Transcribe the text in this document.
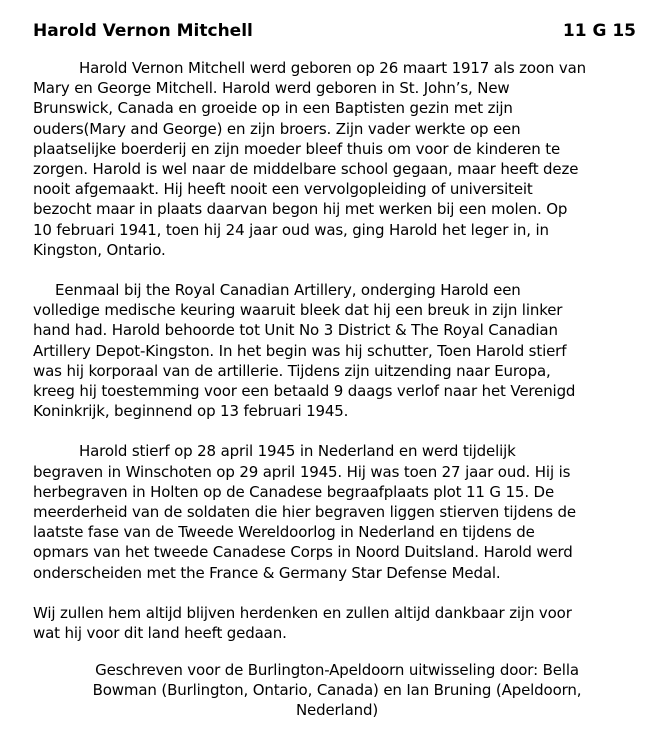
Harold Vernon Mitchell	11 G 15

Harold Vernon Mitchell werd geboren op 26 maart 1917 als zoon van
Mary en George Mitchell. Harold werd geboren in St. John’s, New
Brunswick, Canada en groeide op in een Baptisten gezin met zijn
ouders(Mary and George) en zijn broers. Zijn vader werkte op een
plaatselijke boerderij en zijn moeder bleef thuis om voor de kinderen te
zorgen. Harold is wel naar de middelbare school gegaan, maar heeft deze
nooit afgemaakt. Hij heeft nooit een vervolgopleiding of universiteit
bezocht maar in plaats daarvan begon hij met werken bij een molen. Op
10 februari 1941, toen hij 24 jaar oud was, ging Harold het leger in, in
Kingston, Ontario.

Eenmaal bij the Royal Canadian Artillery, onderging Harold een
volledige medische keuring waaruit bleek dat hij een breuk in zijn linker
hand had. Harold behoorde tot Unit No 3 District & The Royal Canadian
Artillery Depot-Kingston. In het begin was hij schutter, Toen Harold stierf
was hij korporaal van de artillerie. Tijdens zijn uitzending naar Europa,
kreeg hij toestemming voor een betaald 9 daags verlof naar het Verenigd
Koninkrijk, beginnend op 13 februari 1945.

Harold stierf op 28 april 1945 in Nederland en werd tijdelijk
begraven in Winschoten op 29 april 1945. Hij was toen 27 jaar oud. Hij is
herbegraven in Holten op de Canadese begraafplaats plot 11 G 15. De
meerderheid van de soldaten die hier begraven liggen stierven tijdens de
laatste fase van de Tweede Wereldoorlog in Nederland en tijdens de
opmars van het tweede Canadese Corps in Noord Duitsland. Harold werd
onderscheiden met the France & Germany Star Defense Medal.

Wij zullen hem altijd blijven herdenken en zullen altijd dankbaar zijn voor
wat hij voor dit land heeft gedaan.

Geschreven voor de Burlington-Apeldoorn uitwisseling door: Bella
Bowman (Burlington, Ontario, Canada) en Ian Bruning (Apeldoorn,
Nederland)
